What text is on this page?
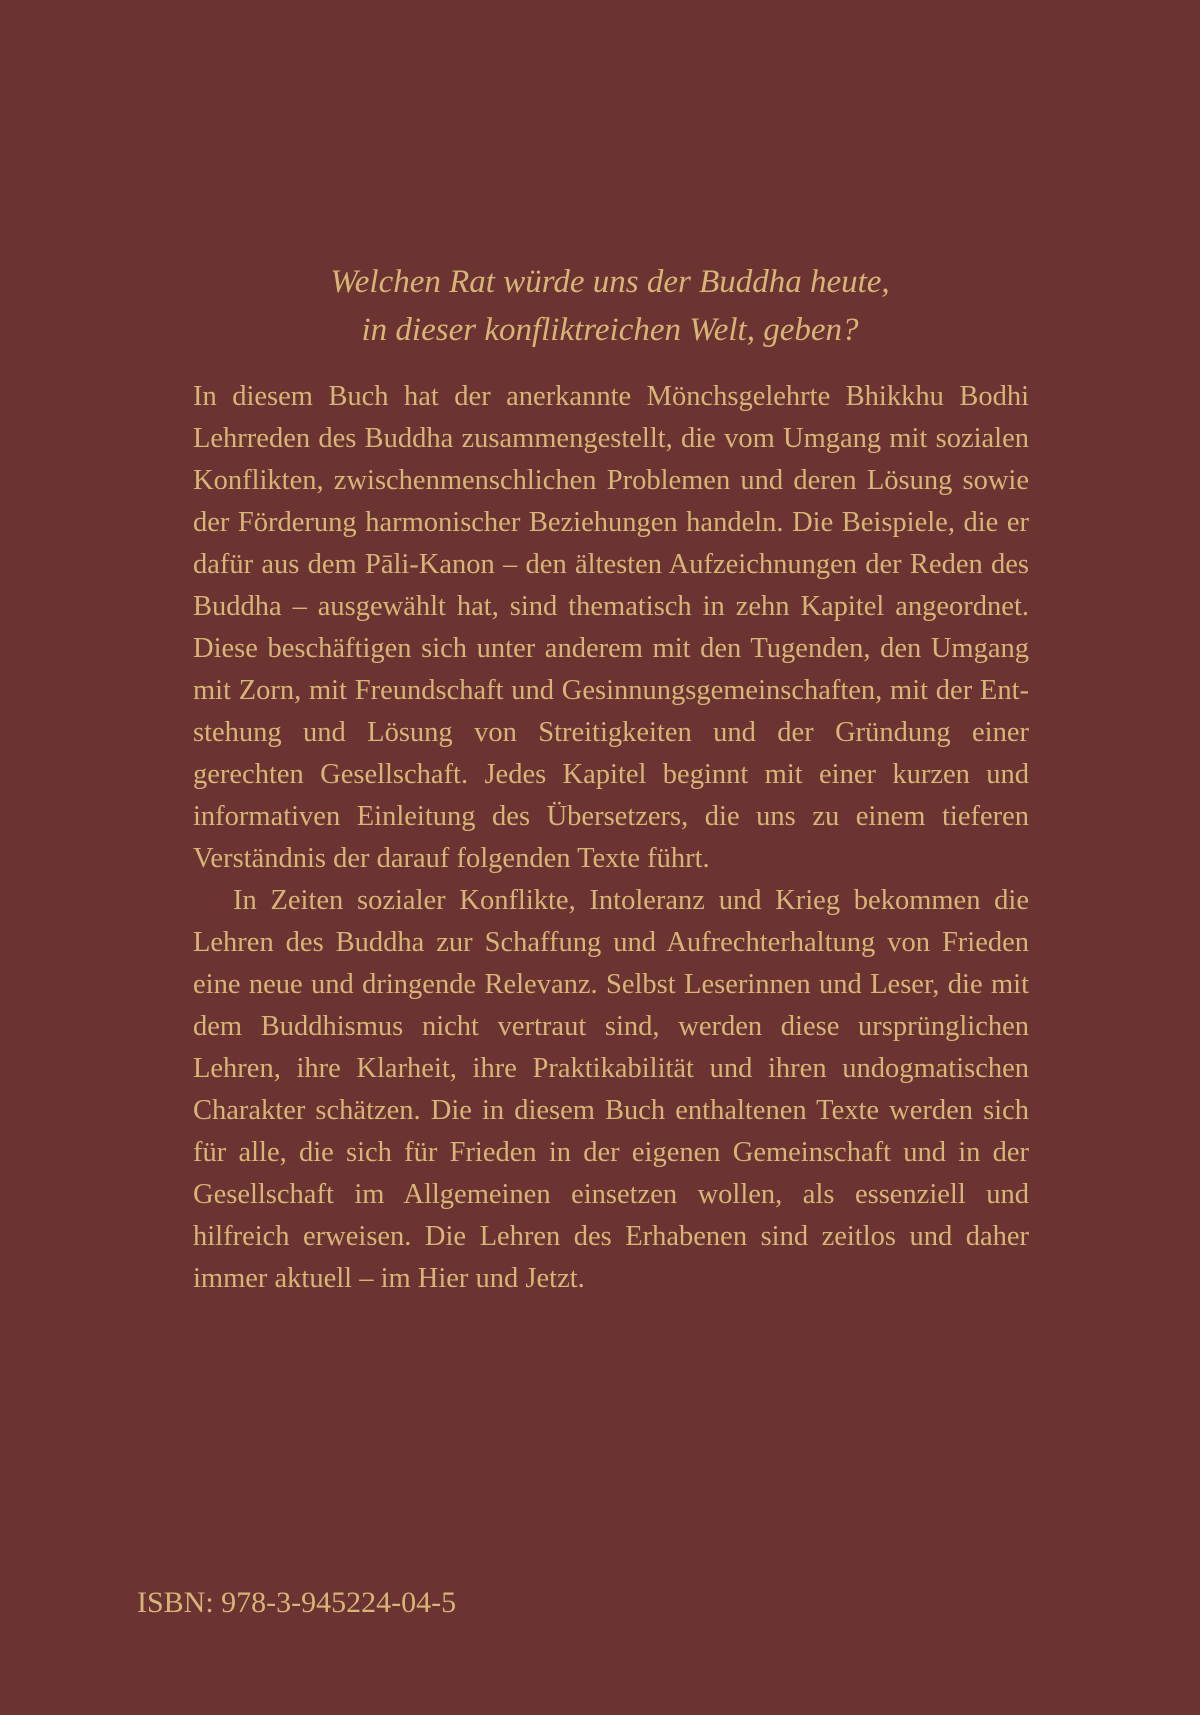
Welchen Rat würde uns der Buddha heute,
in dieser konfliktreichen Welt, geben?

In diesem Buch hat der anerkannte Mönchsgelehrte Bhikkhu Bodhi Lehrreden des Buddha zusammengestellt, die vom Umgang mit sozialen Konflikten, zwischenmenschlichen Problemen und deren Lösung sowie der Förderung harmonischer Beziehungen handeln. Die Beispiele, die er dafür aus dem Pāli-Kanon – den ältesten Aufzeichnungen der Reden des Buddha – ausgewählt hat, sind thematisch in zehn Kapitel angeordnet. Diese beschäftigen sich unter anderem mit den Tugenden, den Umgang mit Zorn, mit Freundschaft und Gesinnungsgemeinschaften, mit der Entstehung und Lösung von Streitigkeiten und der Gründung einer gerechten Gesellschaft. Jedes Kapitel beginnt mit einer kurzen und informativen Einleitung des Übersetzers, die uns zu einem tieferen Verständnis der darauf folgenden Texte führt.

In Zeiten sozialer Konflikte, Intoleranz und Krieg bekommen die Lehren des Buddha zur Schaffung und Aufrechterhaltung von Frieden eine neue und dringende Relevanz. Selbst Leserinnen und Leser, die mit dem Buddhismus nicht vertraut sind, werden diese ursprünglichen Lehren, ihre Klarheit, ihre Praktikabilität und ihren undogmatischen Charakter schätzen. Die in diesem Buch enthaltenen Texte werden sich für alle, die sich für Frieden in der eigenen Gemeinschaft und in der Gesellschaft im Allgemeinen einsetzen wollen, als essenziell und hilfreich erweisen. Die Lehren des Erhabenen sind zeitlos und daher immer aktuell – im Hier und Jetzt.

ISBN: 978-3-945224-04-5
